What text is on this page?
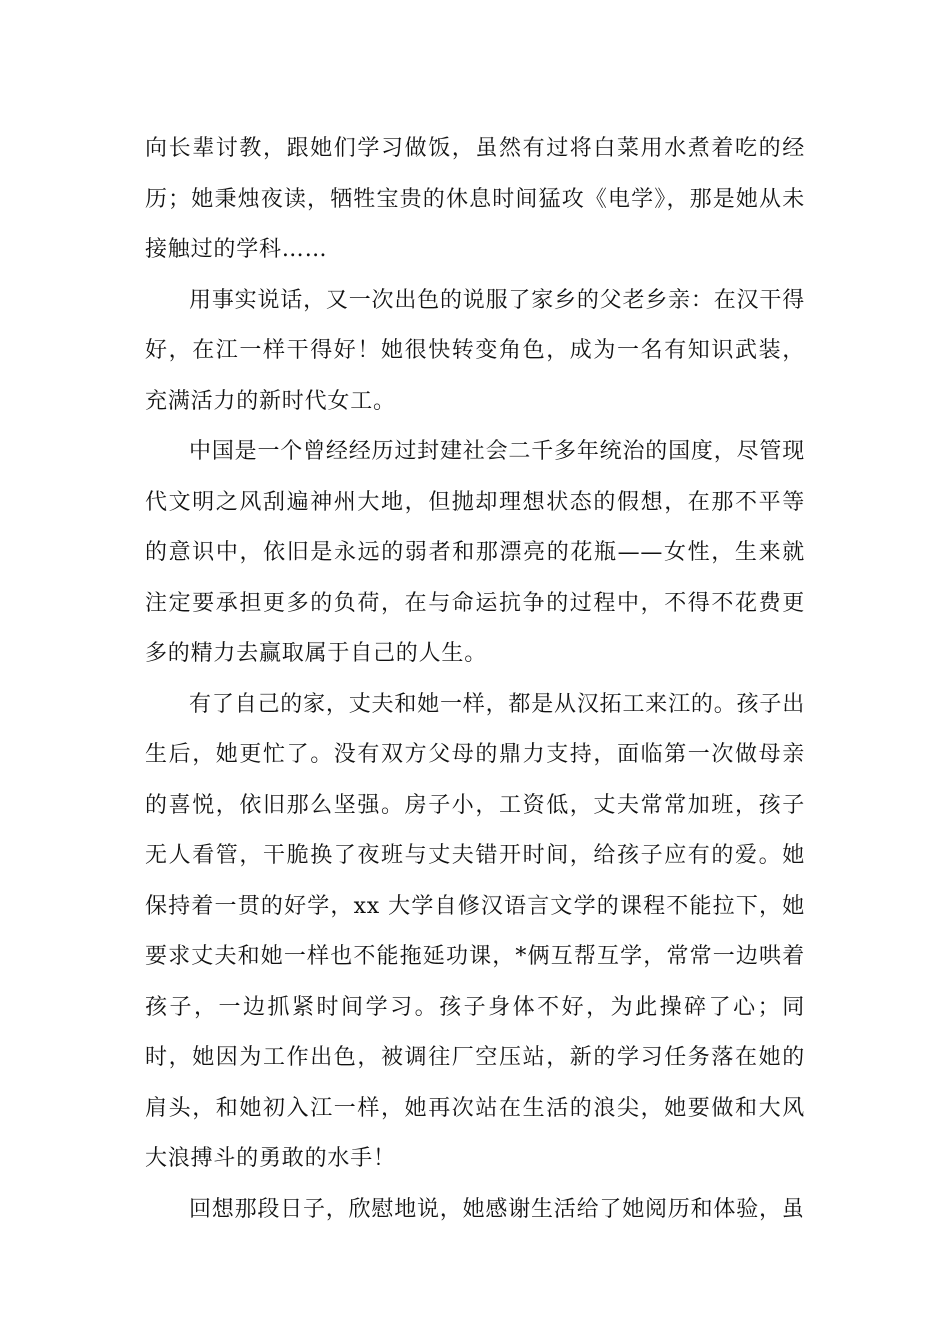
向长辈讨教，跟她们学习做饭，虽然有过将白菜用水煮着吃的经历；她秉烛夜读，牺牲宝贵的休息时间猛攻《电学》，那是她从未接触过的学科……

用事实说话，又一次出色的说服了家乡的父老乡亲：在汉干得好，在江一样干得好！她很快转变角色，成为一名有知识武装，充满活力的新时代女工。

中国是一个曾经经历过封建社会二千多年统治的国度，尽管现代文明之风刮遍神州大地，但抛却理想状态的假想，在那不平等的意识中，依旧是永远的弱者和那漂亮的花瓶——女性，生来就注定要承担更多的负荷，在与命运抗争的过程中，不得不花费更多的精力去赢取属于自己的人生。

有了自己的家，丈夫和她一样，都是从汉拓工来江的。孩子出生后，她更忙了。没有双方父母的鼎力支持，面临第一次做母亲的喜悦，依旧那么坚强。房子小，工资低，丈夫常常加班，孩子无人看管，干脆换了夜班与丈夫错开时间，给孩子应有的爱。她保持着一贯的好学，xx 大学自修汉语言文学的课程不能拉下，她要求丈夫和她一样也不能拖延功课，*俩互帮互学，常常一边哄着孩子，一边抓紧时间学习。孩子身体不好，为此操碎了心；同时，她因为工作出色，被调往厂空压站，新的学习任务落在她的肩头，和她初入江一样，她再次站在生活的浪尖，她要做和大风大浪搏斗的勇敢的水手！

回想那段日子，欣慰地说，她感谢生活给了她阅历和体验，虽
